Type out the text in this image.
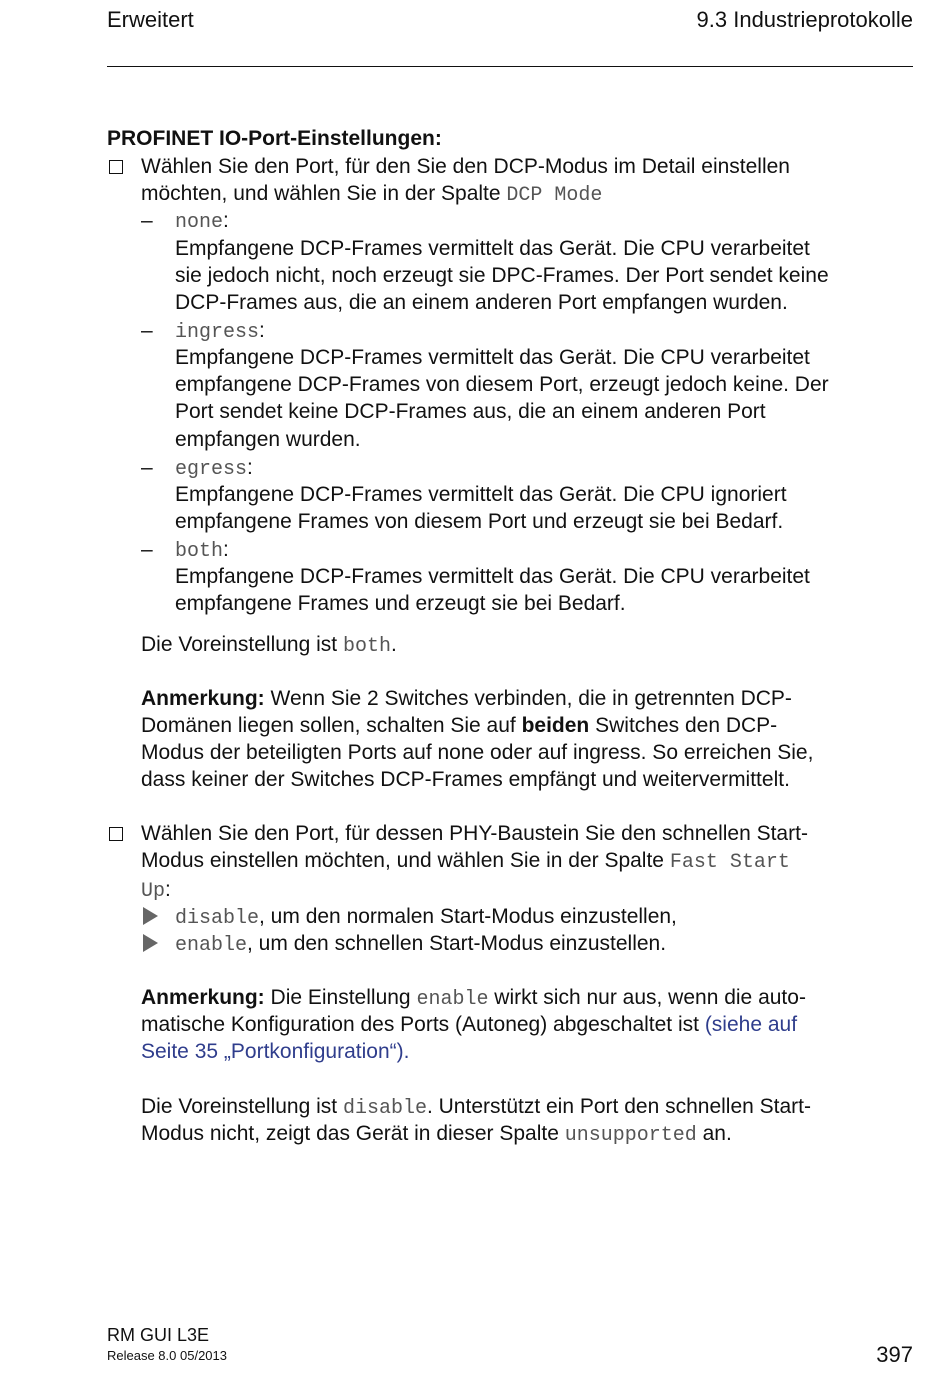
Erweitert	9.3 Industrieprotokolle
PROFINET IO-Port-Einstellungen:
Wählen Sie den Port, für den Sie den DCP-Modus im Detail einstellen
möchten, und wählen Sie in der Spalte DCP Mode
– none:
Empfangene DCP-Frames vermittelt das Gerät. Die CPU verarbeitet
sie jedoch nicht, noch erzeugt sie DPC-Frames. Der Port sendet keine
DCP-Frames aus, die an einem anderen Port empfangen wurden.
– ingress:
Empfangene DCP-Frames vermittelt das Gerät. Die CPU verarbeitet
empfangene DCP-Frames von diesem Port, erzeugt jedoch keine. Der
Port sendet keine DCP-Frames aus, die an einem anderen Port
empfangen wurden.
– egress:
Empfangene DCP-Frames vermittelt das Gerät. Die CPU ignoriert
empfangene Frames von diesem Port und erzeugt sie bei Bedarf.
– both:
Empfangene DCP-Frames vermittelt das Gerät. Die CPU verarbeitet
empfangene Frames und erzeugt sie bei Bedarf.
Die Voreinstellung ist both.
Anmerkung: Wenn Sie 2 Switches verbinden, die in getrennten DCP-
Domänen liegen sollen, schalten Sie auf beiden Switches den DCP-
Modus der beteiligten Ports auf none oder auf ingress. So erreichen Sie,
dass keiner der Switches DCP-Frames empfängt und weitervermittelt.
Wählen Sie den Port, für dessen PHY-Baustein Sie den schnellen Start-
Modus einstellen möchten, und wählen Sie in der Spalte Fast Start
Up:
disable, um den normalen Start-Modus einzustellen,
enable, um den schnellen Start-Modus einzustellen.
Anmerkung: Die Einstellung enable wirkt sich nur aus, wenn die auto-
matische Konfiguration des Ports (Autoneg) abgeschaltet ist (siehe auf
Seite 35 „Portkonfiguration“).
Die Voreinstellung ist disable. Unterstützt ein Port den schnellen Start-
Modus nicht, zeigt das Gerät in dieser Spalte unsupported an.
RM GUI L3E
Release 8.0 05/2013	397
